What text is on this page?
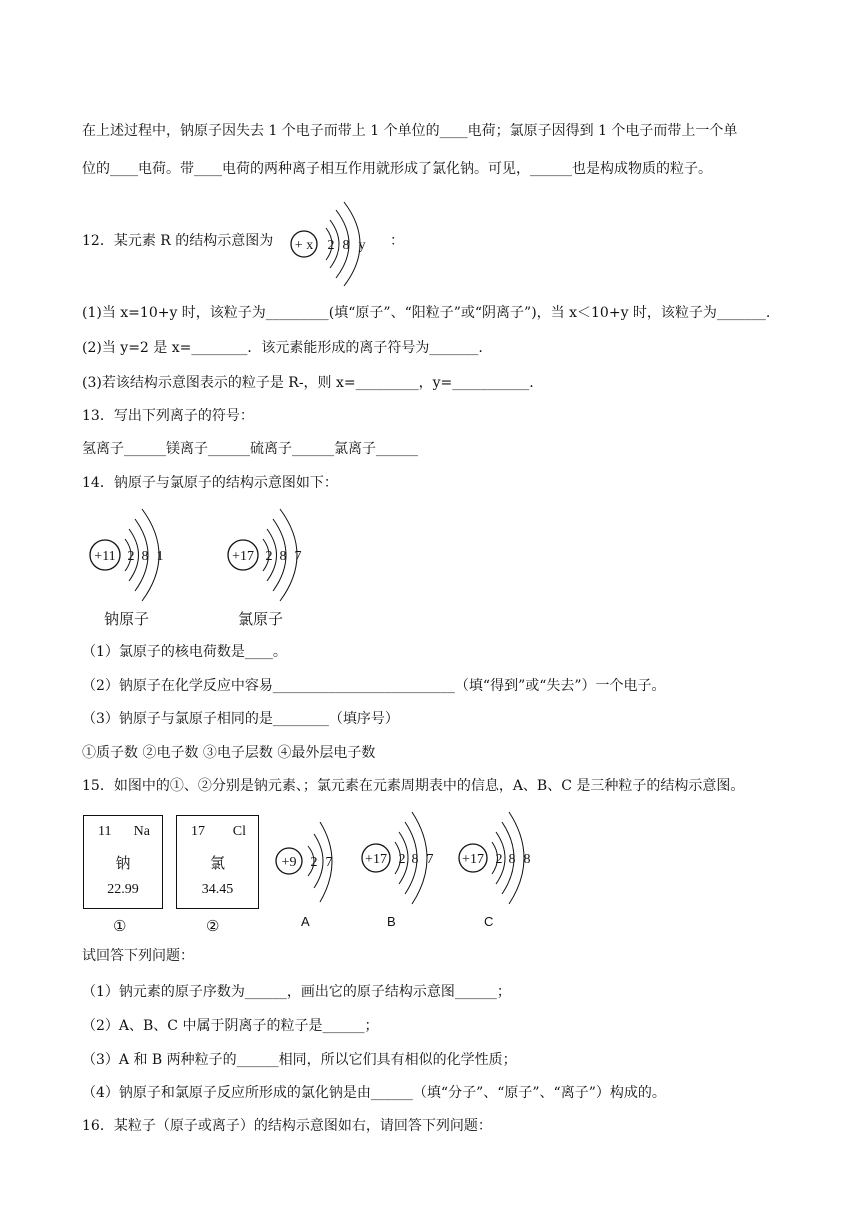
在上述过程中，钠原子因失去 1 个电子而带上 1 个单位的____电荷；氯原子因得到 1 个电子而带上一个单
位的____电荷。带____电荷的两种离子相互作用就形成了氯化钠。可见，______也是构成物质的粒子。
12．某元素 R 的结构示意图为 + x 2 8 y ：
(1)当 x=10+y 时，该粒子为_________(填“原子”、“阳粒子”或“阴离子”)，当 x＜10+y 时，该粒子为_______.
(2)当 y=2 是 x=________．该元素能形成的离子符号为_______.
(3)若该结构示意图表示的粒子是 R-，则 x=_________，y=___________.
13．写出下列离子的符号：
氢离子______镁离子______硫离子______氯离子______
14．钠原子与氯原子的结构示意图如下：
+11 2 8 1
钠原子
+17 2 8 7
氯原子
（1）氯原子的核电荷数是____。
（2）钠原子在化学反应中容易__________________________（填“得到”或“失去”）一个电子。
（3）钠原子与氯原子相同的是________（填序号）
①质子数 ②电子数 ③电子层数 ④最外层电子数
15．如图中的①、②分别是钠元素、；氯元素在元素周期表中的信息，A、B、C 是三种粒子的结构示意图。
11 Na
钠
22.99
①
17 Cl
氯
34.45
②
+9 2 7
A
+17 2 8 7
B
+17 2 8 8
C
试回答下列问题：
（1）钠元素的原子序数为______，画出它的原子结构示意图______；
（2）A、B、C 中属于阴离子的粒子是______；
（3）A 和 B 两种粒子的______相同，所以它们具有相似的化学性质；
（4）钠原子和氯原子反应所形成的氯化钠是由______（填“分子”、“原子”、“离子”）构成的。
16．某粒子（原子或离子）的结构示意图如右，请回答下列问题：
